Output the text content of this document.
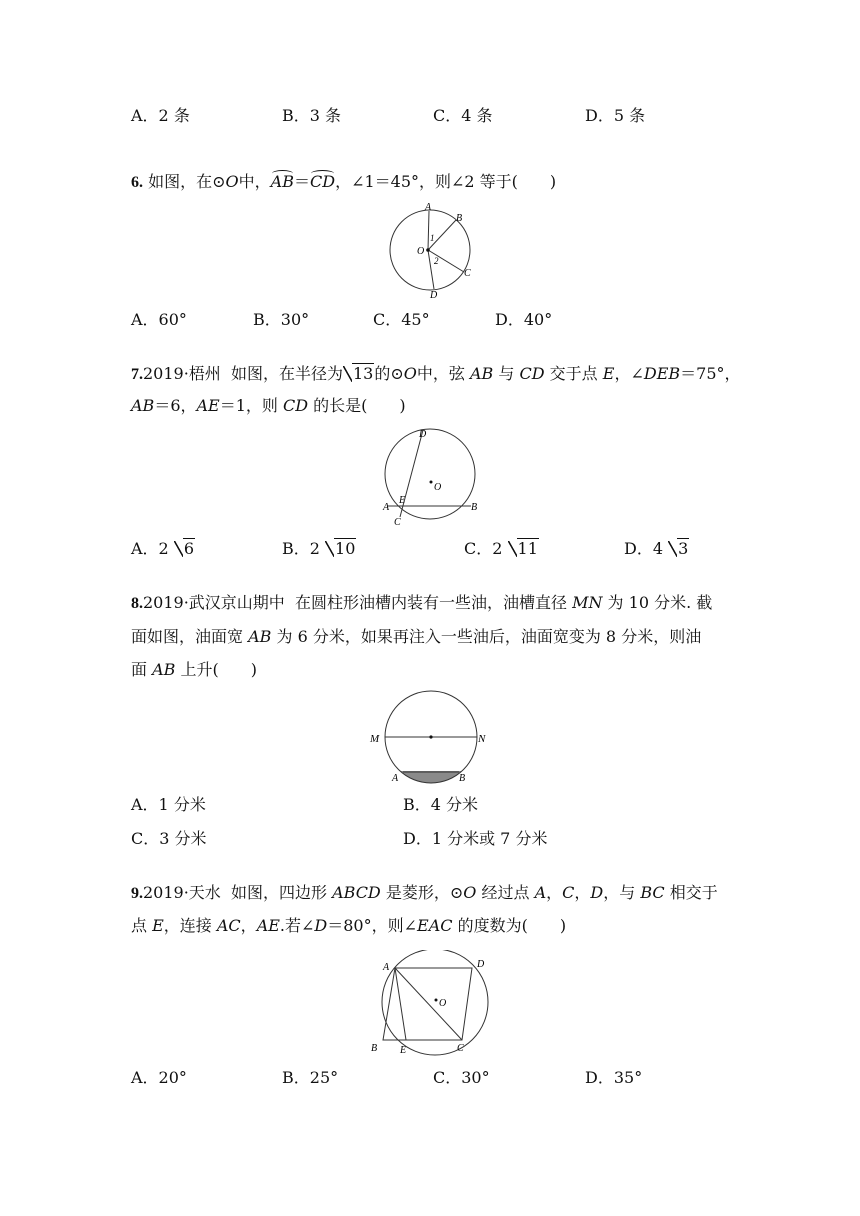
A．2 条	B．3 条	C．4 条	D．5 条
6. 如图，在⊙O中，AB＝CD，∠1＝45°，则∠2 等于(　　)
A
B
C
D
O
1
2
A．60°	B．30°	C．45°	D．40°
7.2019·梧州 如图，在半径为 13的⊙O中，弦 AB 与 CD 交于点 E，∠DEB＝75°，
AB＝6，AE＝1，则 CD 的长是(　　)
O
D
E
A	B
C
A．2 6	B．2 10	C．2 11	D．4 3
8.2019·武汉京山期中 在圆柱形油槽内装有一些油，油槽直径 MN 为 10 分米. 截
面如图，油面宽 AB 为 6 分米，如果再注入一些油后，油面宽变为 8 分米，则油
面 AB 上升(　　)
M	N
A	B
A．1 分米	B．4 分米
C．3 分米	D．1 分米或 7 分米
9.2019·天水 如图，四边形 ABCD 是菱形，⊙O 经过点 A，C，D，与 BC 相交于
点 E，连接 AC，AE.若∠D＝80°，则∠EAC 的度数为(　　)
O
A	D
B E	C
A．20°	B．25°	C．30°	D．35°
